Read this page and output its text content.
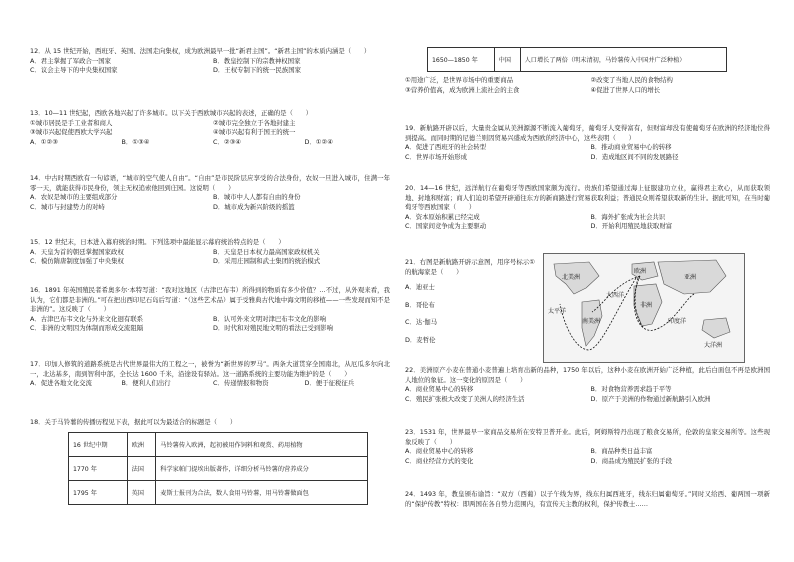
12．从 15 世纪开始，西班牙、英国、法国走向集权，成为欧洲最早一批“新君主国”。“新君主国”的本质内涵是（　　）
A．君主掌握了军政合一国家	B．教皇控制下的宗教神权国家
C．议会主导下的中央集权国家	D．王权专制下的统一民族国家
13．10—11 世纪起，西欧各地兴起了许多城市。以下关于西欧城市兴起的表述，正确的是（　　）
①城市居民是手工业者和商人	②城市完全独立于各地封建主
③城市兴起促使西欧大学兴起	④城市兴起有利于国王的统一
A．①②③	B．①③④	C．②③④	D．①②④
14．中古时期西欧有一句谚语，“城市的空气使人自由”。“自由”是市民阶层应享受的合法身份，农奴一旦进入城市，住满一年零一天，就能获得市民身份，领主无权追索他回到庄园。这说明（　　）
A．农奴是城市的主要组成部分	B．城市中人人都有自由的身份
C．城市与封建势力的对峙	D．城市成为新兴阶级的摇篮
15．12 世纪末，日本进入幕府统治时期。下列选项中最能显示幕府统治特点的是（　　）
A．天皇为首的朝廷掌握国家政权	B．天皇是日本权力最高国家政权机关
C．模仿隋唐制度加强了中央集权	D．采用庄园制和武士集团的统治模式
16．1891 年英国殖民者希奥多尔·本特写道：“我对这地区（古津巴布韦）所得到的物质有多少价值？…不过，从外观来看，我认为，它们都是非洲的。”可在把出西印尼石岛后写道：“（这些艺术品）属于受雅典古代地中海文明的移植——一些发现而知不是非洲的”。这反映了（　　）
A．古津巴布韦文化与外来文化迥有联系	B．认可外来文明对津巴布韦文化的影响
C．非洲的文明因为体制而形成交流阻隔	D．时代和对殖民地文明的看法已受到影响
17．印加人修筑的道路系统是古代世界最伟大的工程之一，被誉为“新世界的罗马”。两条大道贯穿全国南北，从厄瓜多尔向北一，北达基多，南到智利中部，全长达 1600 千米，沿途设有驿站。这一道路系统的主要功能为维护的是（　　）
A．促进各地文化交流	B．便利人们出行	C．传递情报和物资	D．便于征税征兵
18．关于马铃薯的传播历程见下表，据此可以为最适合的标题是（　　）
16 世纪中期	欧洲	马铃薯传入欧洲，起初被用作饲料和观赏、药用植物
1770 年	法国	科学家帕门提埃出版著作，详细分析马铃薯的营养成分
1795 年	英国	麦斯士报刊为合法，数人食用马铃薯，用马铃薯做面包
1650—1850 年	中国	人口增长了两倍（明末清初，马铃薯传入中国并广泛种植）
①用途广泛，是世界市场中的重要商品	②改变了当地人民的食物结构
③营养价值高，成为欧洲上流社会的主食	④促进了世界人口的增长
19．新航路开辟以后，大量贵金属从美洲源源不断流入葡萄牙，葡萄牙人变得富有，但财富却没有使葡萄牙在欧洲的经济地位得到提高。而同时期的尼德兰则因贸易兴盛成为西欧的经济中心，这些表明（　　）
A．促进了西班牙的社会转型	B．推动商业贸易中心的转移
C．世界市场开始形成	D．造成地区间不同的发展路径
20．14—16 世纪，远洋航行在葡萄牙等西欧国家颇为流行。贵族们希望通过海上征服建功立业，赢得君主欢心，从而获取领地、封地和财富；商人们迫切希望开辟通往东方的新商路进行贸易获取利益；普通民众则希望获取新的生计。据此可知，在当时葡萄牙等西欧国家（　　）
A．资本原始积累已经完成	B．海外扩张成为社会共识
C．国家间竞争成为主要驱动	D．开始利用殖民地获取财富
21．右图是新航路开辟示意图，用序号标示①的航海家是（　　）
A．迪亚士
B．哥伦布
C．达·伽马
D．麦哲伦
北美洲
欧洲
亚洲
非洲
南美洲
大洋洲
太平洋
大西洋
印度洋
22．美洲原产小麦在普通小麦普遍上培育出新的品种，1750 年以后，这种小麦在欧洲开始广泛种植，此后白面包不再是欧洲国人地位的象征。这一变化的原因是（　　）
A．商业贸易中心的转移	B．对食物营养需求趋于平等
C．殖民扩张极大改变了美洲人的经济生活	D．原产于美洲的作物通过新航路引入欧洲
23．1531 年，世界最早一家商品交易所在安特卫普开业。此后，阿姆斯特丹出现了粮食交易所，伦敦的皇家交易所等。这些现象反映了（　　）
A．商业贸易中心的转移	B．商品种类日益丰富
C．商业经营方式的变化	D．商品成为殖民扩张的手段
24．1493 年，教皇颁布谕旨：“双方（西葡）以子午线为界，线东归属西班牙，线东归属葡萄牙。”同时又给西、葡两国一项新的“保护传教”特权：即两国在各自势力范围内，有宣传天主教的权利，保护传教士……
